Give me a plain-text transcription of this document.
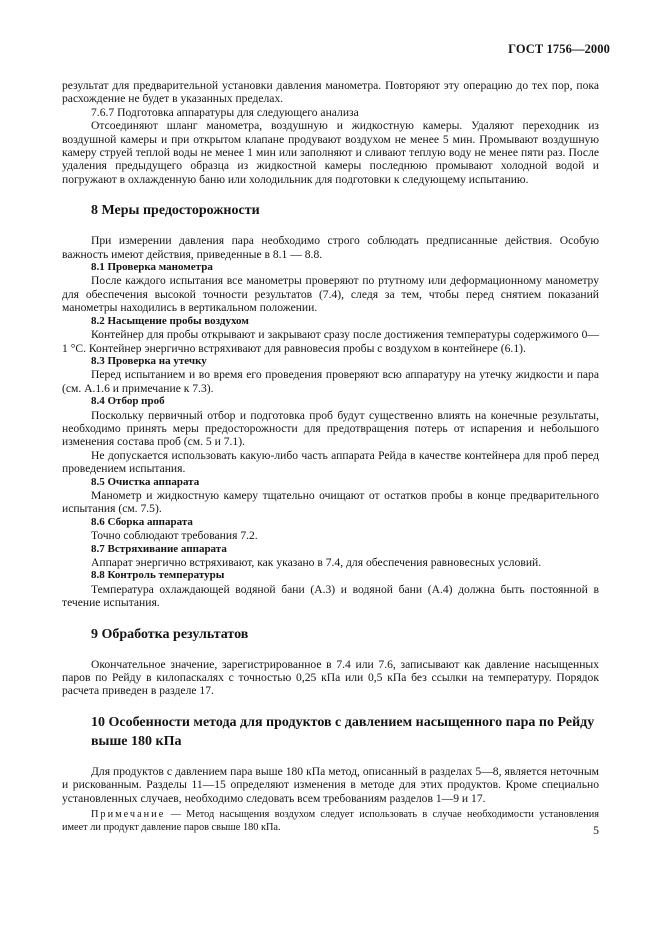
ГОСТ 1756—2000

результат для предварительной установки давления манометра. Повторяют эту операцию до тех пор, пока расхождение не будет в указанных пределах.

7.6.7 Подготовка аппаратуры для следующего анализа

Отсоединяют шланг манометра, воздушную и жидкостную камеры. Удаляют переходник из воздушной камеры и при открытом клапане продувают воздухом не менее 5 мин. Промывают воздушную камеру струей теплой воды не менее 1 мин или заполняют и сливают теплую воду не менее пяти раз. После удаления предыдущего образца из жидкостной камеры последнюю промывают холодной водой и погружают в охлажденную баню или холодильник для подготовки к следующему испытанию.

8 Меры предосторожности

При измерении давления пара необходимо строго соблюдать предписанные действия. Особую важность имеют действия, приведенные в 8.1 — 8.8.

8.1 Проверка манометра

После каждого испытания все манометры проверяют по ртутному или деформационному манометру для обеспечения высокой точности результатов (7.4), следя за тем, чтобы перед снятием показаний манометры находились в вертикальном положении.

8.2 Насыщение пробы воздухом

Контейнер для пробы открывают и закрывают сразу после достижения температуры содержимого 0—1 °С. Контейнер энергично встряхивают для равновесия пробы с воздухом в контейнере (6.1).

8.3 Проверка на утечку

Перед испытанием и во время его проведения проверяют всю аппаратуру на утечку жидкости и пара (см. А.1.6 и примечание к 7.3).

8.4 Отбор проб

Поскольку первичный отбор и подготовка проб будут существенно влиять на конечные результаты, необходимо принять меры предосторожности для предотвращения потерь от испарения и небольшого изменения состава проб (см. 5 и 7.1).

Не допускается использовать какую-либо часть аппарата Рейда в качестве контейнера для проб перед проведением испытания.

8.5 Очистка аппарата

Манометр и жидкостную камеру тщательно очищают от остатков пробы в конце предварительного испытания (см. 7.5).

8.6 Сборка аппарата

Точно соблюдают требования 7.2.

8.7 Встряхивание аппарата

Аппарат энергично встряхивают, как указано в 7.4, для обеспечения равновесных условий.

8.8 Контроль температуры

Температура охлаждающей водяной бани (А.3) и водяной бани (А.4) должна быть постоянной в течение испытания.

9 Обработка результатов

Окончательное значение, зарегистрированное в 7.4 или 7.6, записывают как давление насыщенных паров по Рейду в килопаскалях с точностью 0,25 кПа или 0,5 кПа без ссылки на температуру. Порядок расчета приведен в разделе 17.

10 Особенности метода для продуктов с давлением насыщенного пара по Рейду выше 180 кПа

Для продуктов с давлением пара выше 180 кПа метод, описанный в разделах 5—8, является неточным и рискованным. Разделы 11—15 определяют изменения в методе для этих продуктов. Кроме специально установленных случаев, необходимо следовать всем требованиям разделов 1—9 и 17.

Примечание — Метод насыщения воздухом следует использовать в случае необходимости установления имеет ли продукт давление паров свыше 180 кПа.	5
